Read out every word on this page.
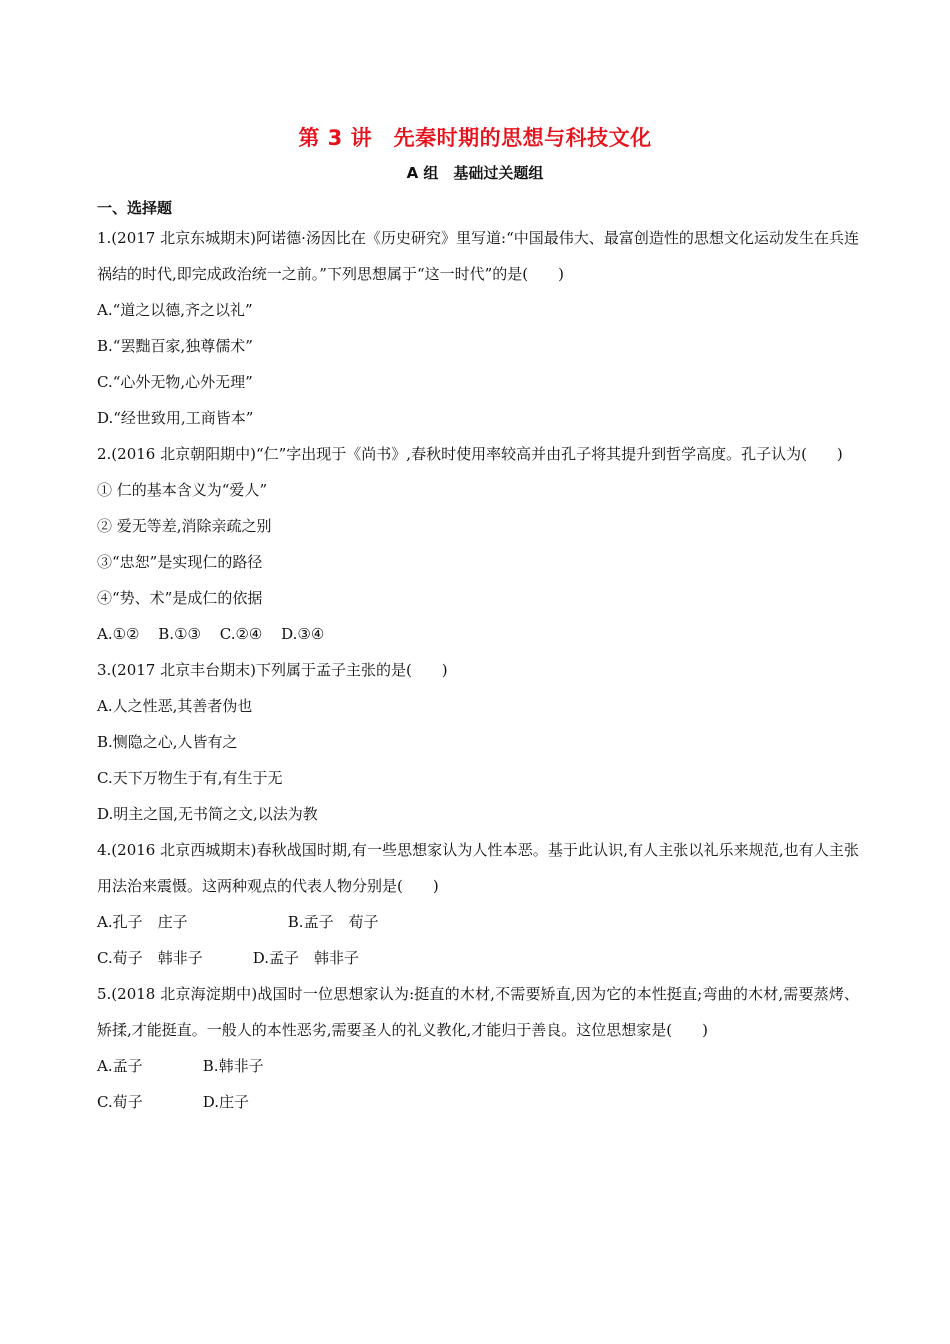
第 3 讲　先秦时期的思想与科技文化
A 组　基础过关题组
一、选择题

1.(2017 北京东城期末)阿诺德·汤因比在《历史研究》里写道:“中国最伟大、最富创造性的思想文化运动发生在兵连祸结的时代,即完成政治统一之前。”下列思想属于“这一时代”的是(　　)

A.“道之以德,齐之以礼”

B.“罢黜百家,独尊儒术”

C.“心外无物,心外无理”

D.“经世致用,工商皆本”

2.(2016 北京朝阳期中)“仁”字出现于《尚书》,春秋时使用率较高并由孔子将其提升到哲学高度。孔子认为(　　)

① 仁的基本含义为“爱人”

② 爱无等差,消除亲疏之别

③“忠恕”是实现仁的路径

④“势、术”是成仁的依据

A.①② B.①③ C.②④ D.③④

3.(2017 北京丰台期末)下列属于孟子主张的是(　　)

A.人之性恶,其善者伪也

B.恻隐之心,人皆有之

C.天下万物生于有,有生于无

D.明主之国,无书简之文,以法为教

4.(2016 北京西城期末)春秋战国时期,有一些思想家认为人性本恶。基于此认识,有人主张以礼乐来规范,也有人主张用法治来震慑。这两种观点的代表人物分别是(　　)

A.孔子　庄子	B.孟子　荀子

C.荀子　韩非子	D.孟子　韩非子

5.(2018 北京海淀期中)战国时一位思想家认为:挺直的木材,不需要矫直,因为它的本性挺直;弯曲的木材,需要蒸烤、矫揉,才能挺直。一般人的本性恶劣,需要圣人的礼义教化,才能归于善良。这位思想家是(　　)

A.孟子	B.韩非子

C.荀子	D.庄子
